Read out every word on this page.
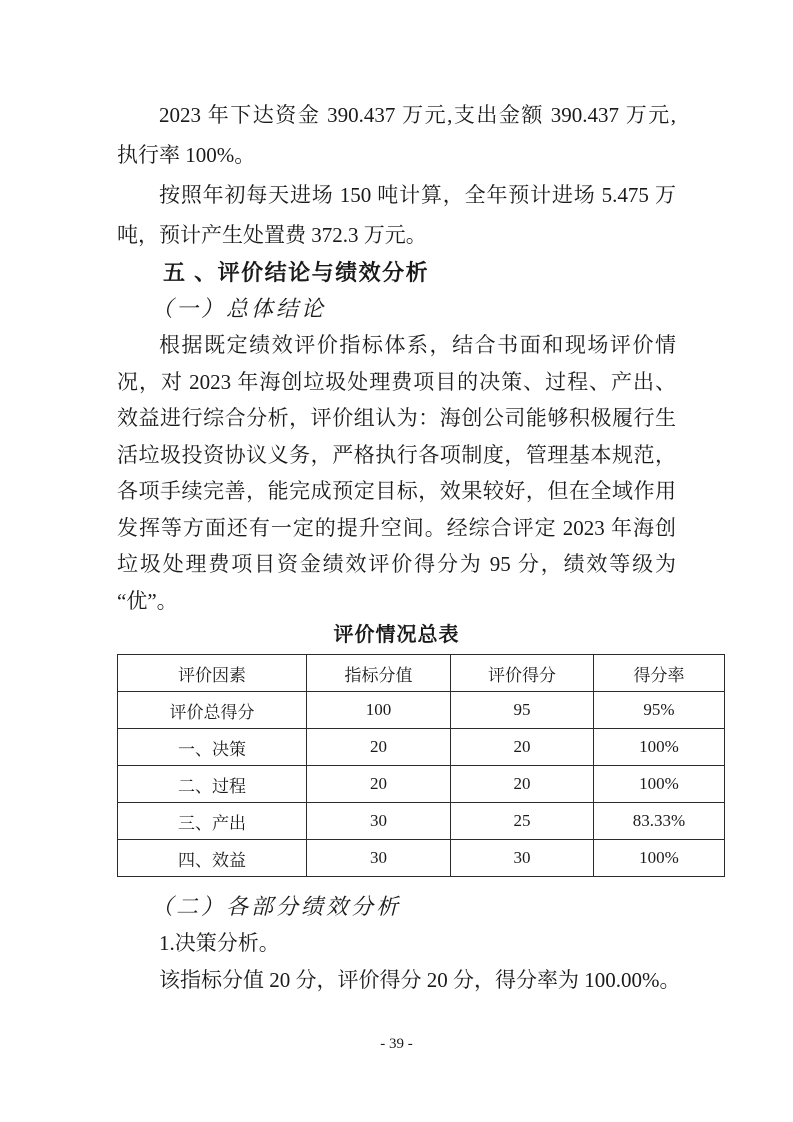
2023 年下达资金 390.437 万元,支出金额 390.437 万元,
执行率 100%。
按照年初每天进场 150 吨计算，全年预计进场 5.475 万
吨，预计产生处置费 372.3 万元。
五 、评价结论与绩效分析
（一）总体结论
根据既定绩效评价指标体系，结合书面和现场评价情
况，对 2023 年海创垃圾处理费项目的决策、过程、产出、
效益进行综合分析，评价组认为：海创公司能够积极履行生
活垃圾投资协议义务，严格执行各项制度，管理基本规范，
各项手续完善，能完成预定目标，效果较好，但在全域作用
发挥等方面还有一定的提升空间。经综合评定 2023 年海创
垃圾处理费项目资金绩效评价得分为 95 分，绩效等级为
“优”。
评价情况总表
评价因素	指标分值	评价得分	得分率
评价总得分	100	95	95%
一、决策	20	20	100%
二、过程	20	20	100%
三、产出	30	25	83.33%
四、效益	30	30	100%
（二）各部分绩效分析
1.决策分析。
该指标分值 20 分，评价得分 20 分，得分率为 100.00%。
- 39 -
